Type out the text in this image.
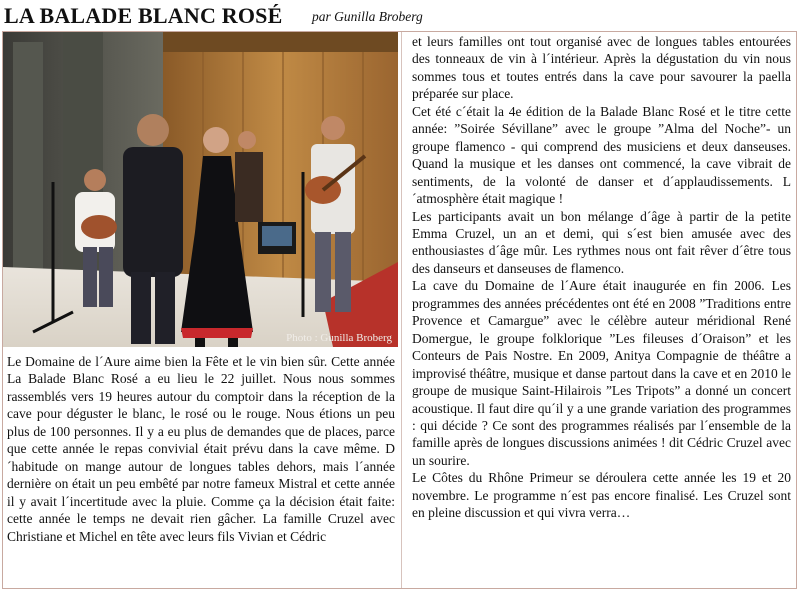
LA BALADE BLANC ROSÉ par Gunilla Broberg
Photo : Gunilla Broberg

Le Domaine de l´Aure aime bien la Fête et le vin bien sûr. Cette année La Balade Blanc Rosé a eu lieu le 22 juillet. Nous nous sommes rassemblés vers 19 heures autour du comptoir dans la réception de la cave pour déguster le blanc, le rosé ou le rouge. Nous étions un peu plus de 100 personnes. Il y a eu plus de demandes que de places, parce que cette année le repas convivial était prévu dans la cave même. D´habitude on mange autour de longues tables dehors, mais l´année dernière on était un peu embêté par notre fameux Mistral et cette année il y avait l´incertitude avec la pluie. Comme ça la décision était faite: cette année le temps ne devait rien gâcher. La famille Cruzel avec Christiane et Michel en tête avec leurs fils Vivian et Cédric

et leurs familles ont tout organisé avec de longues tables entourées des tonneaux de vin à l´intérieur. Après la dégustation du vin nous sommes tous et toutes entrés dans la cave pour savourer la paella préparée sur place.

Cet été c´était la 4e édition de la Balade Blanc Rosé et le titre cette année: ”Soirée Sévillane” avec le groupe ”Alma del Noche”- un groupe flamenco - qui comprend des musiciens et deux danseuses. Quand la musique et les danses ont commencé, la cave vibrait de sentiments, de la volonté de danser et d´applaudissements. L´atmosphère était magique !

Les participants avait un bon mélange d´âge à partir de la petite Emma Cruzel, un an et demi, qui s´est bien amusée avec des enthousiastes d´âge mûr. Les rythmes nous ont fait rêver d´être tous des danseurs et danseuses de flamenco.

La cave du Domaine de l´Aure était inaugurée en fin 2006. Les programmes des années précédentes ont été en 2008 ”Traditions entre Provence et Camargue” avec le célèbre auteur méridional René Domergue, le groupe folklorique ”Les fileuses d´Oraison” et les Conteurs de Pais Nostre. En 2009, Anitya Compagnie de théâtre a improvisé théâtre, musique et danse partout dans la cave et en 2010 le groupe de musique Saint-Hilairois ”Les Tripots” a donné un concert acoustique. Il faut dire qu´il y a une grande variation des programmes : qui décide ? Ce sont des programmes réalisés par l´ensemble de la famille après de longues discussions animées ! dit Cédric Cruzel avec un sourire.

Le Côtes du Rhône Primeur se déroulera cette année les 19 et 20 novembre. Le programme n´est pas encore finalisé. Les Cruzel sont en pleine discussion et qui vivra verra…
